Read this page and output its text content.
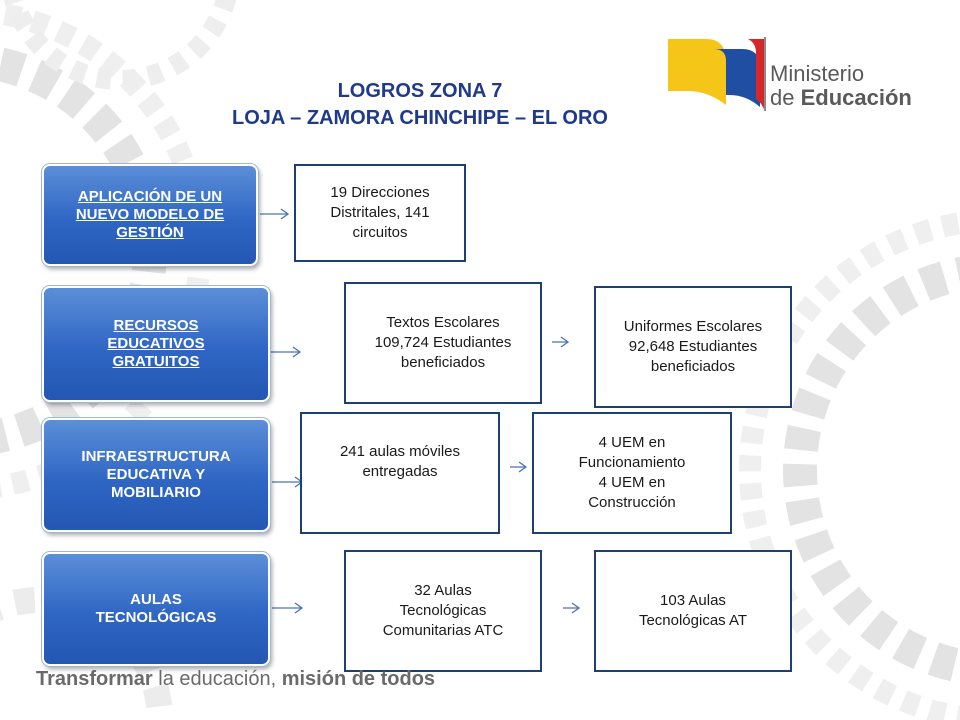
LOGROS ZONA 7
LOJA – ZAMORA CHINCHIPE – EL ORO
Ministerio
de Educación
APLICACIÓN DE UN
NUEVO MODELO DE
GESTIÓN
19 Direcciones
Distritales, 141
circuitos
RECURSOS
EDUCATIVOS
GRATUITOS
Textos Escolares
109,724 Estudiantes
beneficiados
Uniformes Escolares
92,648 Estudiantes
beneficiados
INFRAESTRUCTURA
EDUCATIVA Y
MOBILIARIO
241 aulas móviles
entregadas
4 UEM en
Funcionamiento
4 UEM en
Construcción
AULAS
TECNOLÓGICAS
32 Aulas
Tecnológicas
Comunitarias ATC
103 Aulas
Tecnológicas AT
Transformar la educación, misión de todos
